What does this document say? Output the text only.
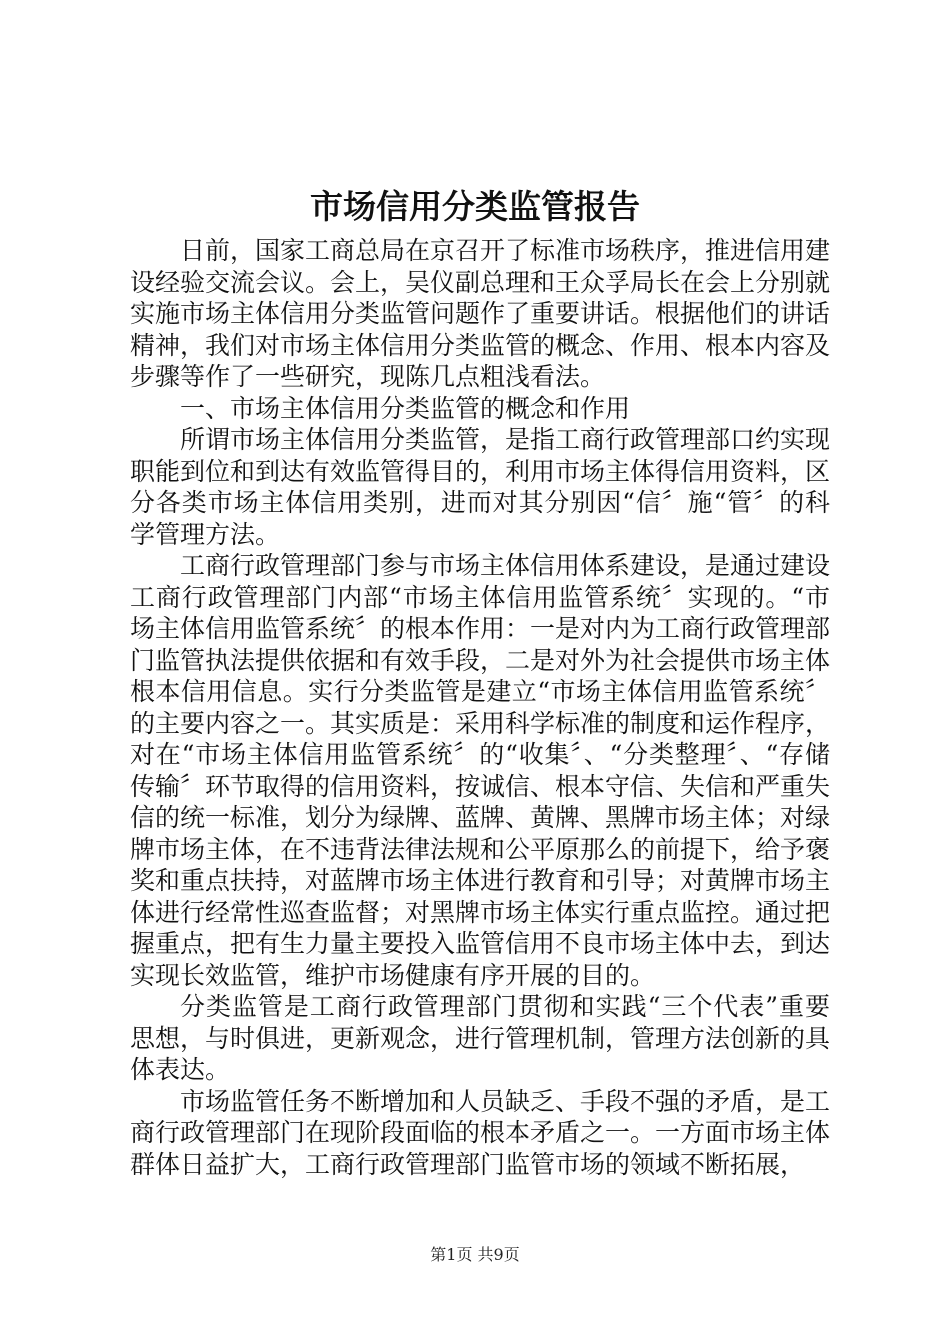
市场信用分类监管报告

日前，国家工商总局在京召开了标准市场秩序，推进信用建设经验交流会议。会上，吴仪副总理和王众孚局长在会上分别就实施市场主体信用分类监管问题作了重要讲话。根据他们的讲话精神，我们对市场主体信用分类监管的概念、作用、根本内容及步骤等作了一些研究，现陈几点粗浅看法。

一、市场主体信用分类监管的概念和作用

所谓市场主体信用分类监管，是指工商行政管理部口约实现职能到位和到达有效监管得目的，利用市场主体得信用资料，区分各类市场主体信用类别，进而对其分别因“信〞施“管〞的科学管理方法。

工商行政管理部门参与市场主体信用体系建设，是通过建设工商行政管理部门内部“市场主体信用监管系统〞实现的。“市场主体信用监管系统〞的根本作用：一是对内为工商行政管理部门监管执法提供依据和有效手段，二是对外为社会提供市场主体根本信用信息。实行分类监管是建立“市场主体信用监管系统〞的主要内容之一。其实质是：采用科学标准的制度和运作程序，对在“市场主体信用监管系统〞的“收集〞、“分类整理〞、“存储传输〞环节取得的信用资料，按诚信、根本守信、失信和严重失信的统一标准，划分为绿牌、蓝牌、黄牌、黑牌市场主体；对绿牌市场主体，在不违背法律法规和公平原那么的前提下，给予褒奖和重点扶持，对蓝牌市场主体进行教育和引导；对黄牌市场主体进行经常性巡查监督；对黑牌市场主体实行重点监控。通过把握重点，把有生力量主要投入监管信用不良市场主体中去，到达实现长效监管，维护市场健康有序开展的目的。

分类监管是工商行政管理部门贯彻和实践“三个代表”重要思想，与时俱进，更新观念，进行管理机制，管理方法创新的具体表达。

市场监管任务不断增加和人员缺乏、手段不强的矛盾，是工商行政管理部门在现阶段面临的根本矛盾之一。一方面市场主体群体日益扩大，工商行政管理部门监管市场的领域不断拓展，

第1页 共9页
